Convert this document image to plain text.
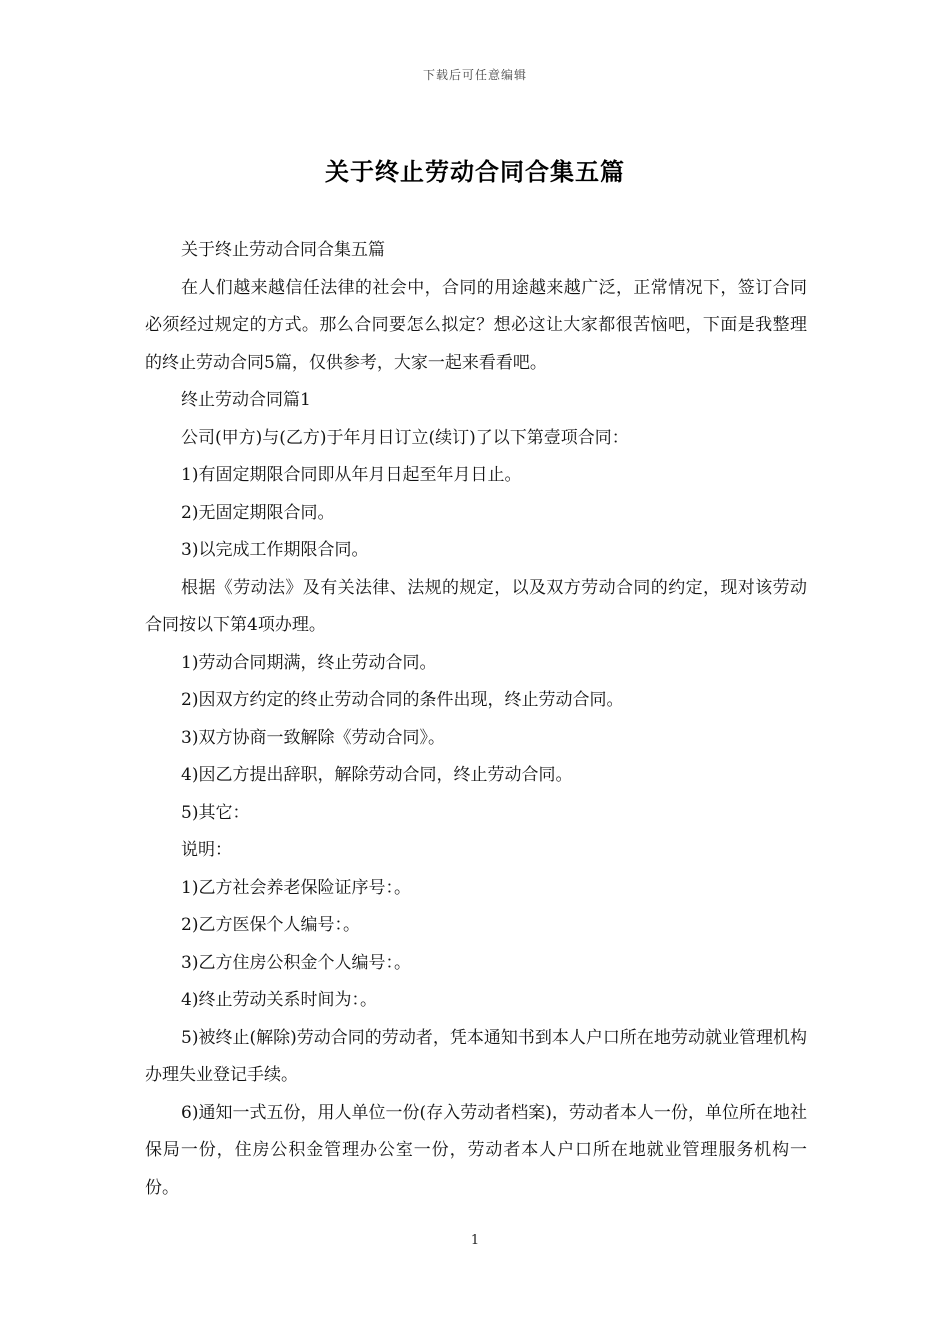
下载后可任意编辑
关于终止劳动合同合集五篇

关于终止劳动合同合集五篇

在人们越来越信任法律的社会中，合同的用途越来越广泛，正常情况下，签订合同必须经过规定的方式。那么合同要怎么拟定？想必这让大家都很苦恼吧，下面是我整理的终止劳动合同5篇，仅供参考，大家一起来看看吧。

终止劳动合同篇1

公司(甲方)与(乙方)于年月日订立(续订)了以下第壹项合同：

1)有固定期限合同即从年月日起至年月日止。

2)无固定期限合同。

3)以完成工作期限合同。

根据《劳动法》及有关法律、法规的规定，以及双方劳动合同的约定，现对该劳动合同按以下第4项办理。

1)劳动合同期满，终止劳动合同。

2)因双方约定的终止劳动合同的条件出现，终止劳动合同。

3)双方协商一致解除《劳动合同》。

4)因乙方提出辞职，解除劳动合同，终止劳动合同。

5)其它：

说明：

1)乙方社会养老保险证序号：。

2)乙方医保个人编号：。

3)乙方住房公积金个人编号：。

4)终止劳动关系时间为：。

5)被终止(解除)劳动合同的劳动者，凭本通知书到本人户口所在地劳动就业管理机构办理失业登记手续。

6)通知一式五份，用人单位一份(存入劳动者档案)，劳动者本人一份，单位所在地社保局一份，住房公积金管理办公室一份，劳动者本人户口所在地就业管理服务机构一份。

1
